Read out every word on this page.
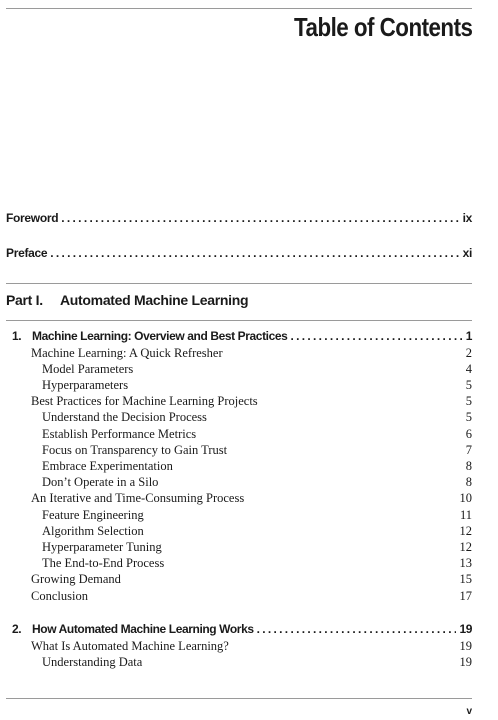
Table of Contents
Foreword .....	ix
Preface .....	xi
Part I. Automated Machine Learning
1. Machine Learning: Overview and Best Practices .....	1
Machine Learning: A Quick Refresher	2
Model Parameters	4
Hyperparameters	5
Best Practices for Machine Learning Projects	5
Understand the Decision Process	5
Establish Performance Metrics	6
Focus on Transparency to Gain Trust	7
Embrace Experimentation	8
Don’t Operate in a Silo	8
An Iterative and Time-Consuming Process	10
Feature Engineering	11
Algorithm Selection	12
Hyperparameter Tuning	12
The End-to-End Process	13
Growing Demand	15
Conclusion	17
2. How Automated Machine Learning Works .....	19
What Is Automated Machine Learning?	19
Understanding Data	19
v
